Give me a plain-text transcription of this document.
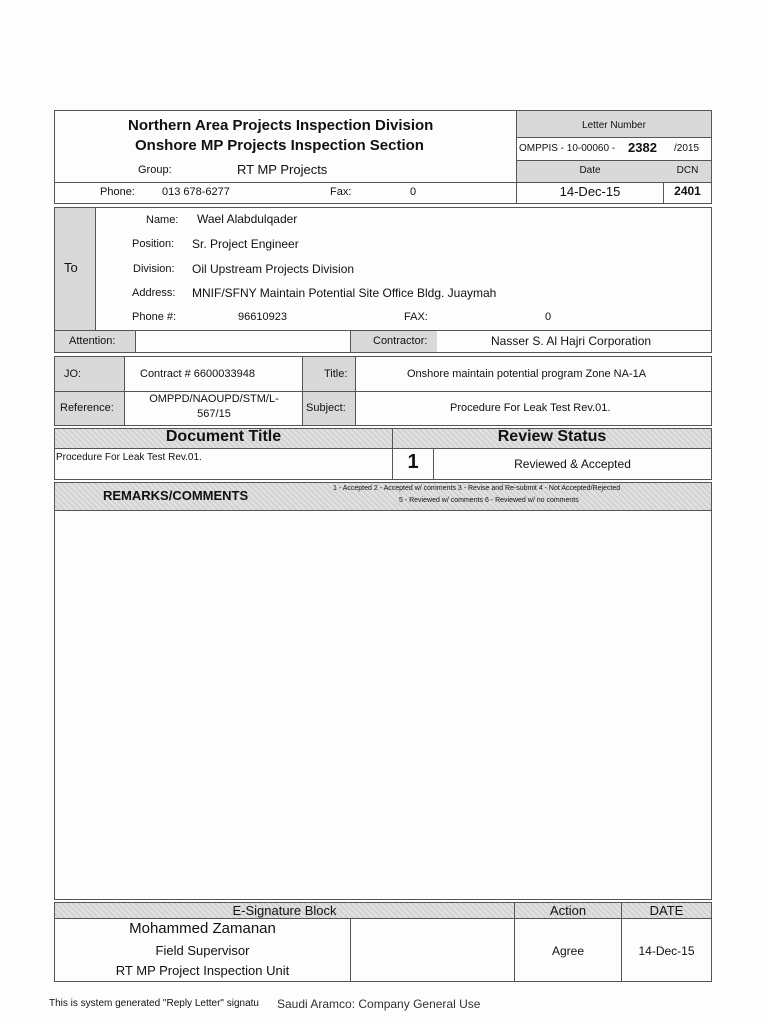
Northern Area Projects Inspection Division
Onshore MP Projects Inspection Section
Group:	RT MP Projects
Phone: 013 678-6277	Fax:	0
Letter Number
OMPPIS - 10-00060 - 2382 /2015
Date	DCN
14-Dec-15	2401
To
Name: Wael Alabdulqader
Position: Sr. Project Engineer
Division: Oil Upstream Projects Division
Address: MNIF/SFNY Maintain Potential Site Office Bldg. Juaymah
Phone #:	96610923	FAX:	0
Attention:	Contractor:	Nasser S. Al Hajri Corporation
JO:	Contract # 6600033948	Title:	Onshore maintain potential program Zone NA-1A
Reference:
OMPPD/NAOUPD/STM/L-
567/15	Subject:	Procedure For Leak Test Rev.01.
Document Title	Review Status
Procedure For Leak Test Rev.01.	1	Reviewed & Accepted
REMARKS/COMMENTS	1 - Accepted 2 - Accepted w/ comments 3 - Revise and Re-submit 4 - Not Accepted/Rejected
5 - Reviewed w/ comments 6 - Reviewed w/ no comments
E-Signature Block	Action	DATE
Mohammed Zamanan
Field Supervisor
RT MP Project Inspection Unit
Agree	14-Dec-15
This is system generated "Reply Letter" signatu Saudi Aramco: Company General Use
